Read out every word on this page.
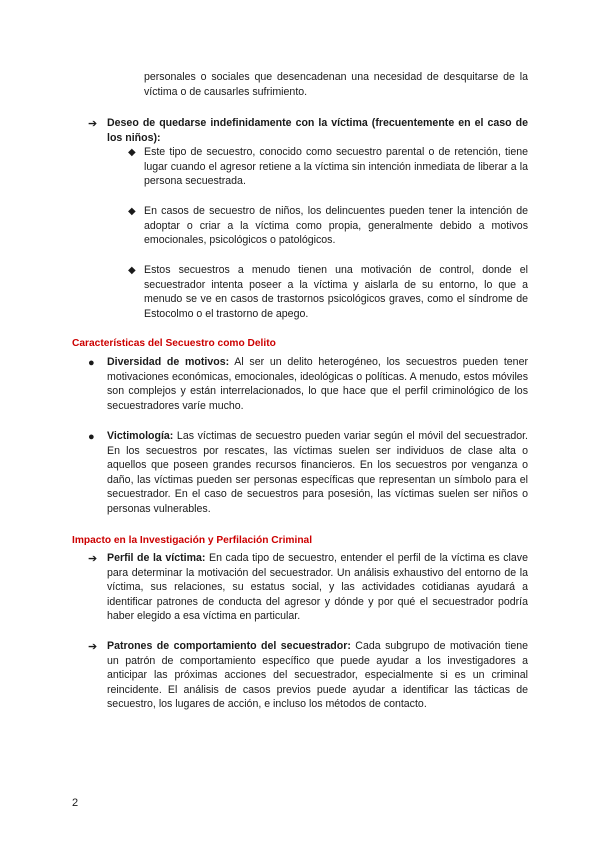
personales o sociales que desencadenan una necesidad de desquitarse de la víctima o de causarles sufrimiento.
➔ Deseo de quedarse indefinidamente con la víctima (frecuentemente en el caso de los niños):
◆ Este tipo de secuestro, conocido como secuestro parental o de retención, tiene lugar cuando el agresor retiene a la víctima sin intención inmediata de liberar a la persona secuestrada.
◆ En casos de secuestro de niños, los delincuentes pueden tener la intención de adoptar o criar a la víctima como propia, generalmente debido a motivos emocionales, psicológicos o patológicos.
◆ Estos secuestros a menudo tienen una motivación de control, donde el secuestrador intenta poseer a la víctima y aislarla de su entorno, lo que a menudo se ve en casos de trastornos psicológicos graves, como el síndrome de Estocolmo o el trastorno de apego.
Características del Secuestro como Delito
● Diversidad de motivos: Al ser un delito heterogéneo, los secuestros pueden tener motivaciones económicas, emocionales, ideológicas o políticas. A menudo, estos móviles son complejos y están interrelacionados, lo que hace que el perfil criminológico de los secuestradores varíe mucho.
● Victimología: Las víctimas de secuestro pueden variar según el móvil del secuestrador. En los secuestros por rescates, las víctimas suelen ser individuos de clase alta o aquellos que poseen grandes recursos financieros. En los secuestros por venganza o daño, las víctimas pueden ser personas específicas que representan un símbolo para el secuestrador. En el caso de secuestros para posesión, las víctimas suelen ser niños o personas vulnerables.
Impacto en la Investigación y Perfilación Criminal
➔ Perfil de la víctima: En cada tipo de secuestro, entender el perfil de la víctima es clave para determinar la motivación del secuestrador. Un análisis exhaustivo del entorno de la víctima, sus relaciones, su estatus social, y las actividades cotidianas ayudará a identificar patrones de conducta del agresor y dónde y por qué el secuestrador podría haber elegido a esa víctima en particular.
➔ Patrones de comportamiento del secuestrador: Cada subgrupo de motivación tiene un patrón de comportamiento específico que puede ayudar a los investigadores a anticipar las próximas acciones del secuestrador, especialmente si es un criminal reincidente. El análisis de casos previos puede ayudar a identificar las tácticas de secuestro, los lugares de acción, e incluso los métodos de contacto.
2
